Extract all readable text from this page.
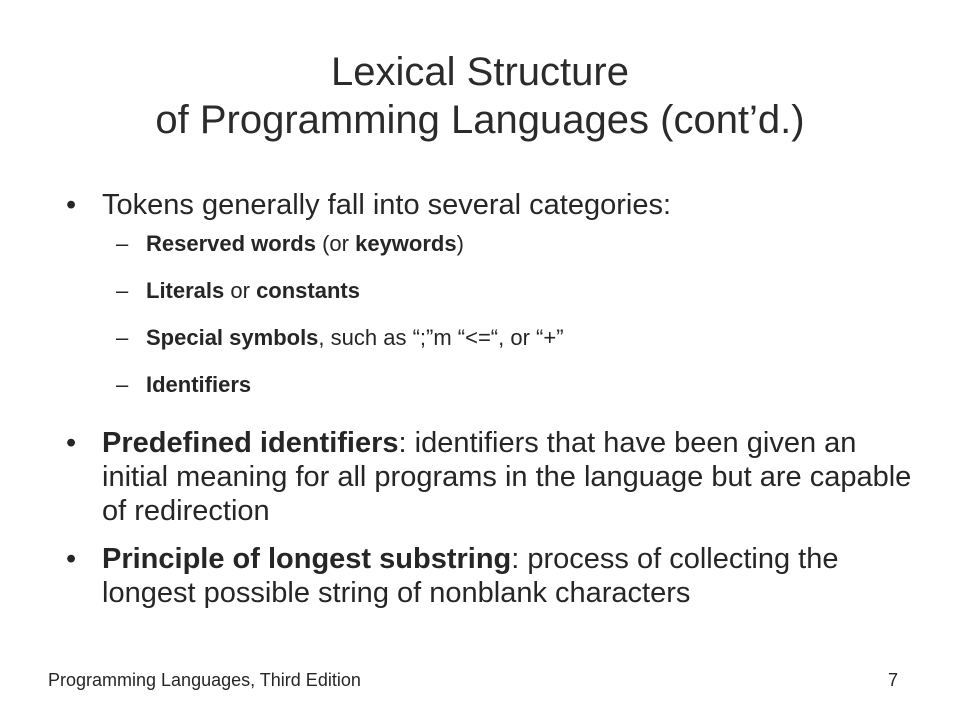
Lexical Structure
of Programming Languages (cont’d.)
• Tokens generally fall into several categories:
– Reserved words (or keywords)
– Literals or constants
– Special symbols, such as “;”m “<=“, or “+”
– Identifiers
• Predefined identifiers: identifiers that have been given an initial meaning for all programs in the language but are capable of redirection
• Principle of longest substring: process of collecting the longest possible string of nonblank characters
Programming Languages, Third Edition	7
